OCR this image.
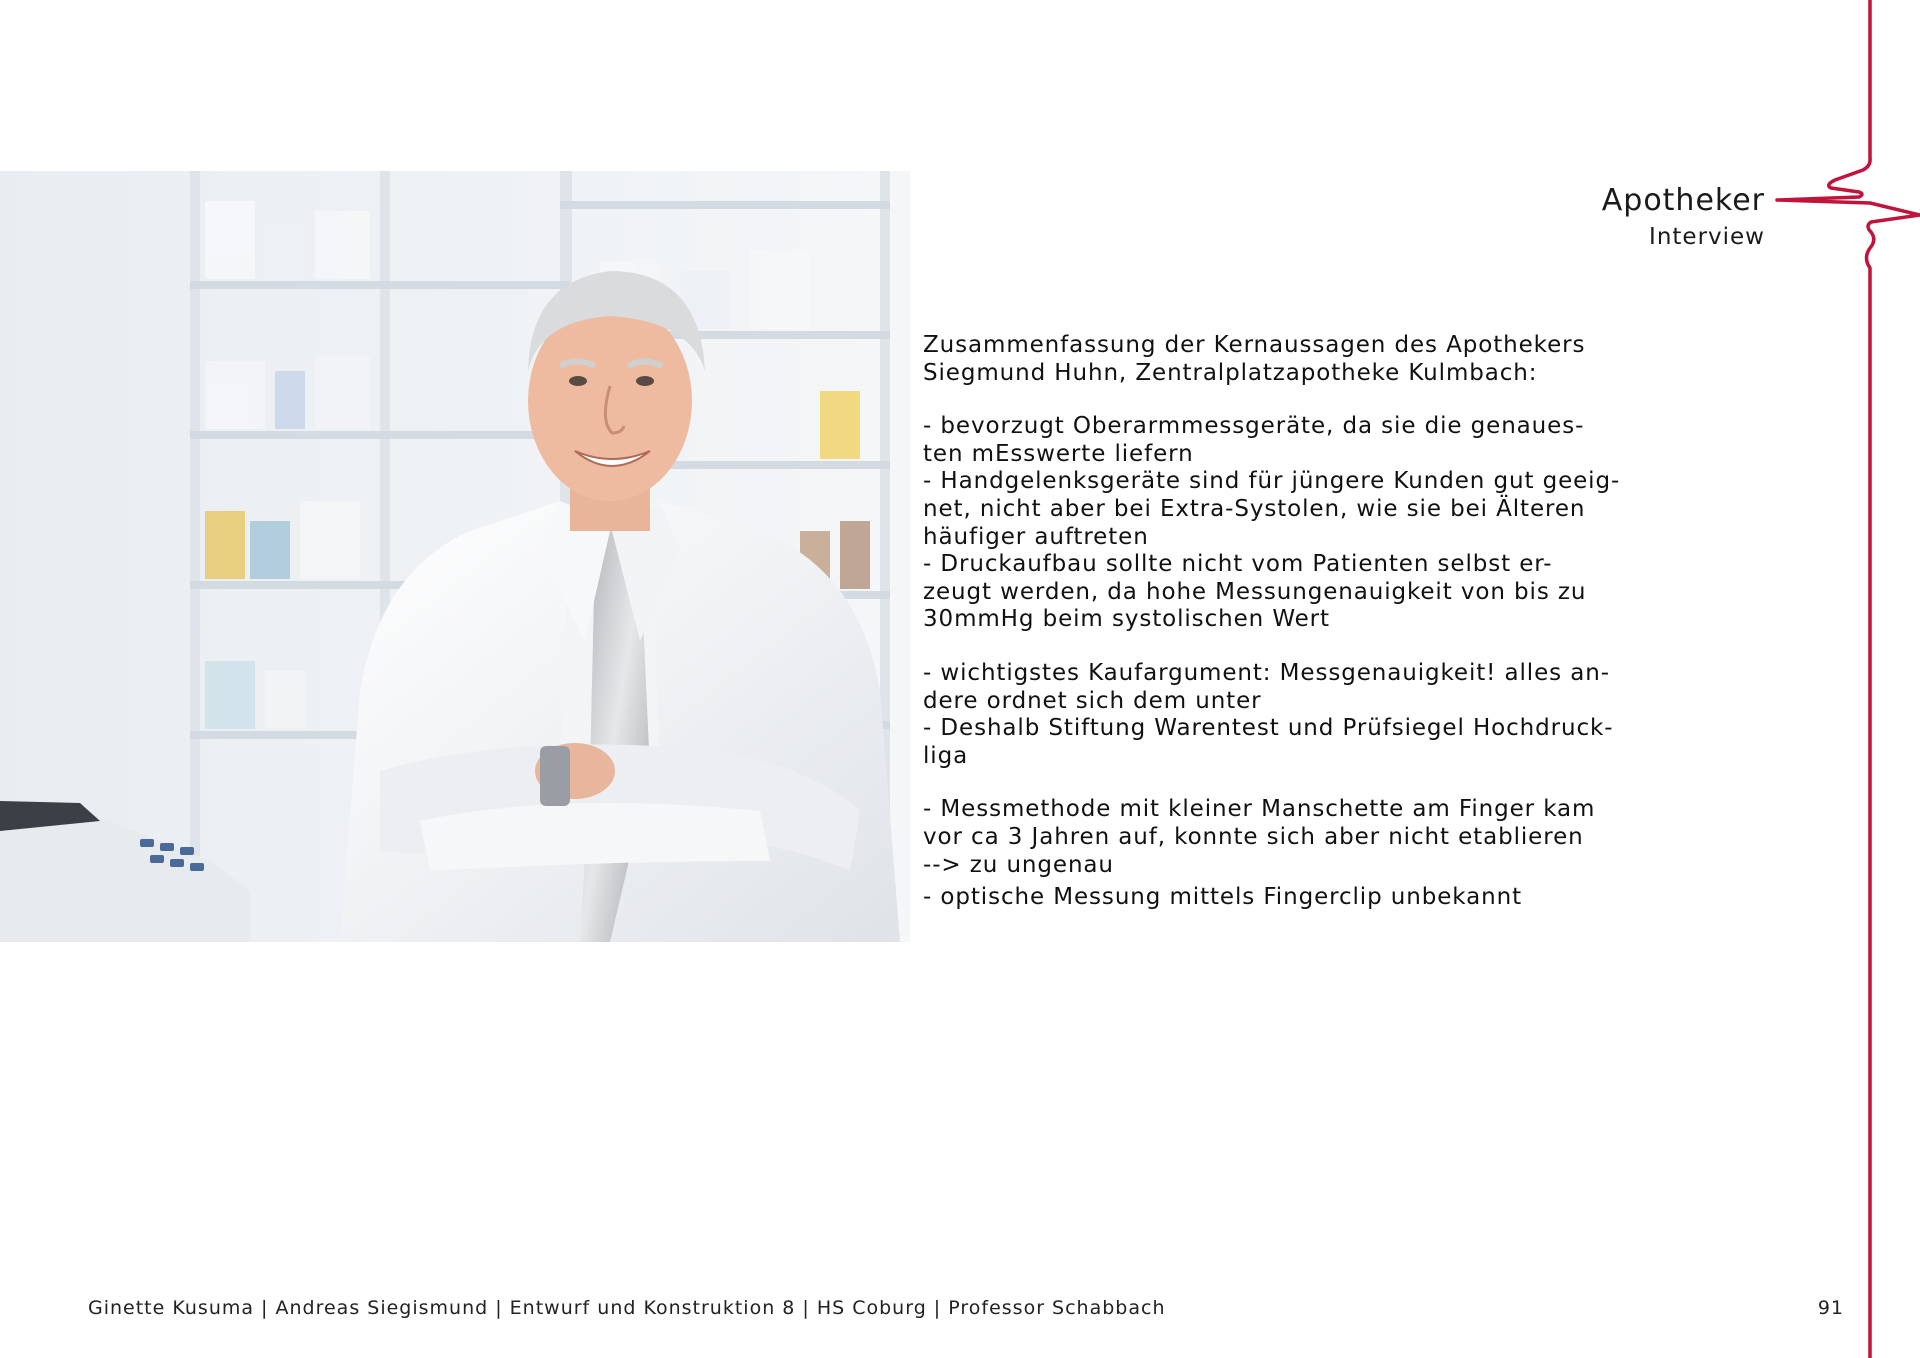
Apotheker
Interview

Zusammenfassung der Kernaussagen des Apothekers

Siegmund Huhn, Zentralplatzapotheke Kulmbach:

- bevorzugt Oberarmmessgeräte, da sie die genaues-

ten mEsswerte liefern

- Handgelenksgeräte sind für jüngere Kunden gut geeig-

net, nicht aber bei Extra-Systolen, wie sie bei Älteren

häufiger auftreten

- Druckaufbau sollte nicht vom Patienten selbst er-

zeugt werden, da hohe Messungenauigkeit von bis zu

30mmHg beim systolischen Wert

- wichtigstes Kaufargument: Messgenauigkeit! alles an-

dere ordnet sich dem unter

- Deshalb Stiftung Warentest und Prüfsiegel Hochdruck-

liga

- Messmethode mit kleiner Manschette am Finger kam

vor ca 3 Jahren auf, konnte sich aber nicht etablieren

--> zu ungenau

- optische Messung mittels Fingerclip unbekannt

Ginette Kusuma | Andreas Siegismund | Entwurf und Konstruktion 8 | HS Coburg | Professor Schabbach	91
